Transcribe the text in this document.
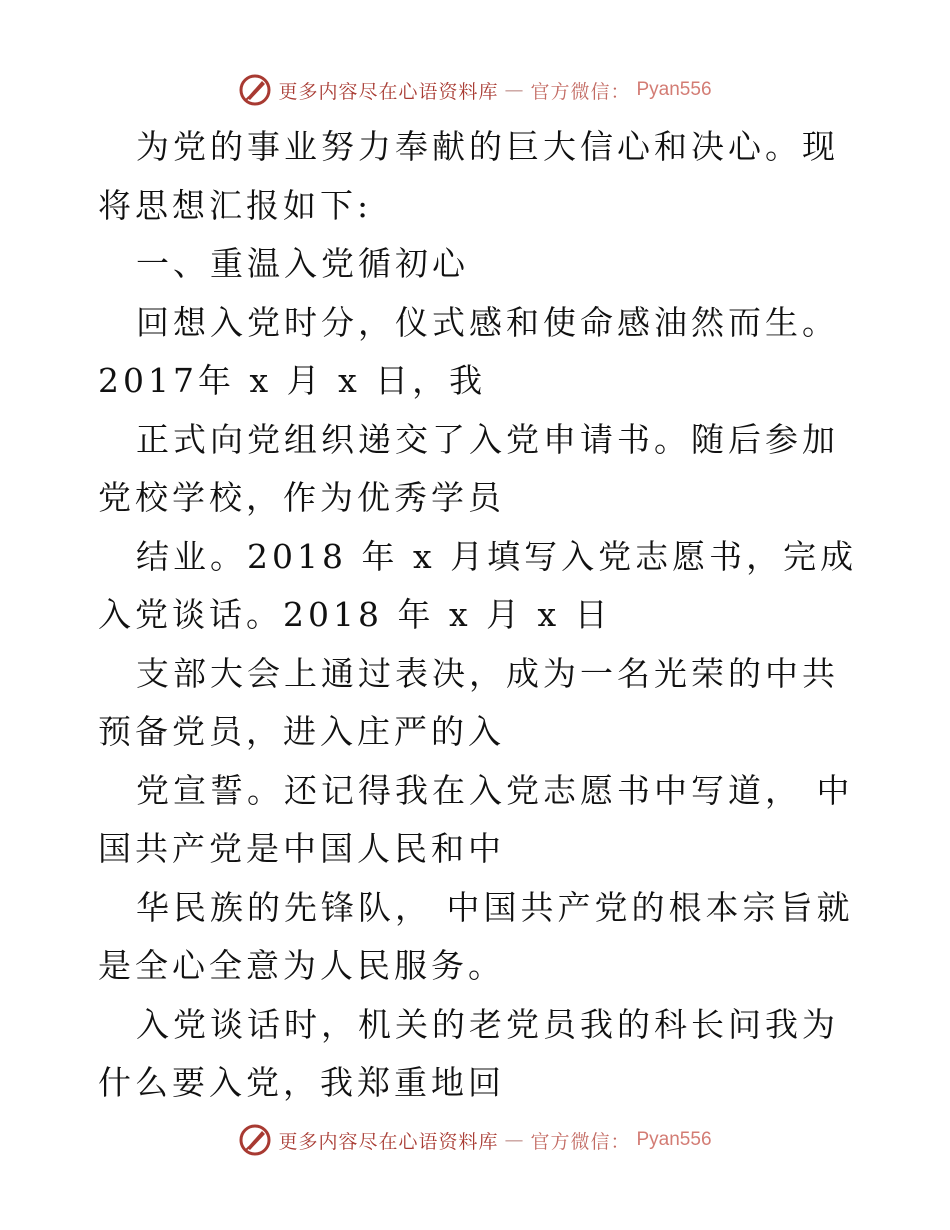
更多内容尽在心语资料库 — 官方微信： Pyan556

为党的事业努力奉献的巨大信心和决心。现将思想汇报如下:

一、重温入党循初心

回想入党时分，仪式感和使命感油然而生。2017年 x 月 x 日，我

正式向党组织递交了入党申请书。随后参加党校学校，作为优秀学员

结业。2018 年 x 月填写入党志愿书，完成入党谈话。2018 年 x 月 x 日

支部大会上通过表决，成为一名光荣的中共预备党员，进入庄严的入

党宣誓。还记得我在入党志愿书中写道， 中国共产党是中国人民和中

华民族的先锋队， 中国共产党的根本宗旨就是全心全意为人民服务。

入党谈话时，机关的老党员我的科长问我为什么要入党，我郑重地回

更多内容尽在心语资料库 — 官方微信： Pyan556
